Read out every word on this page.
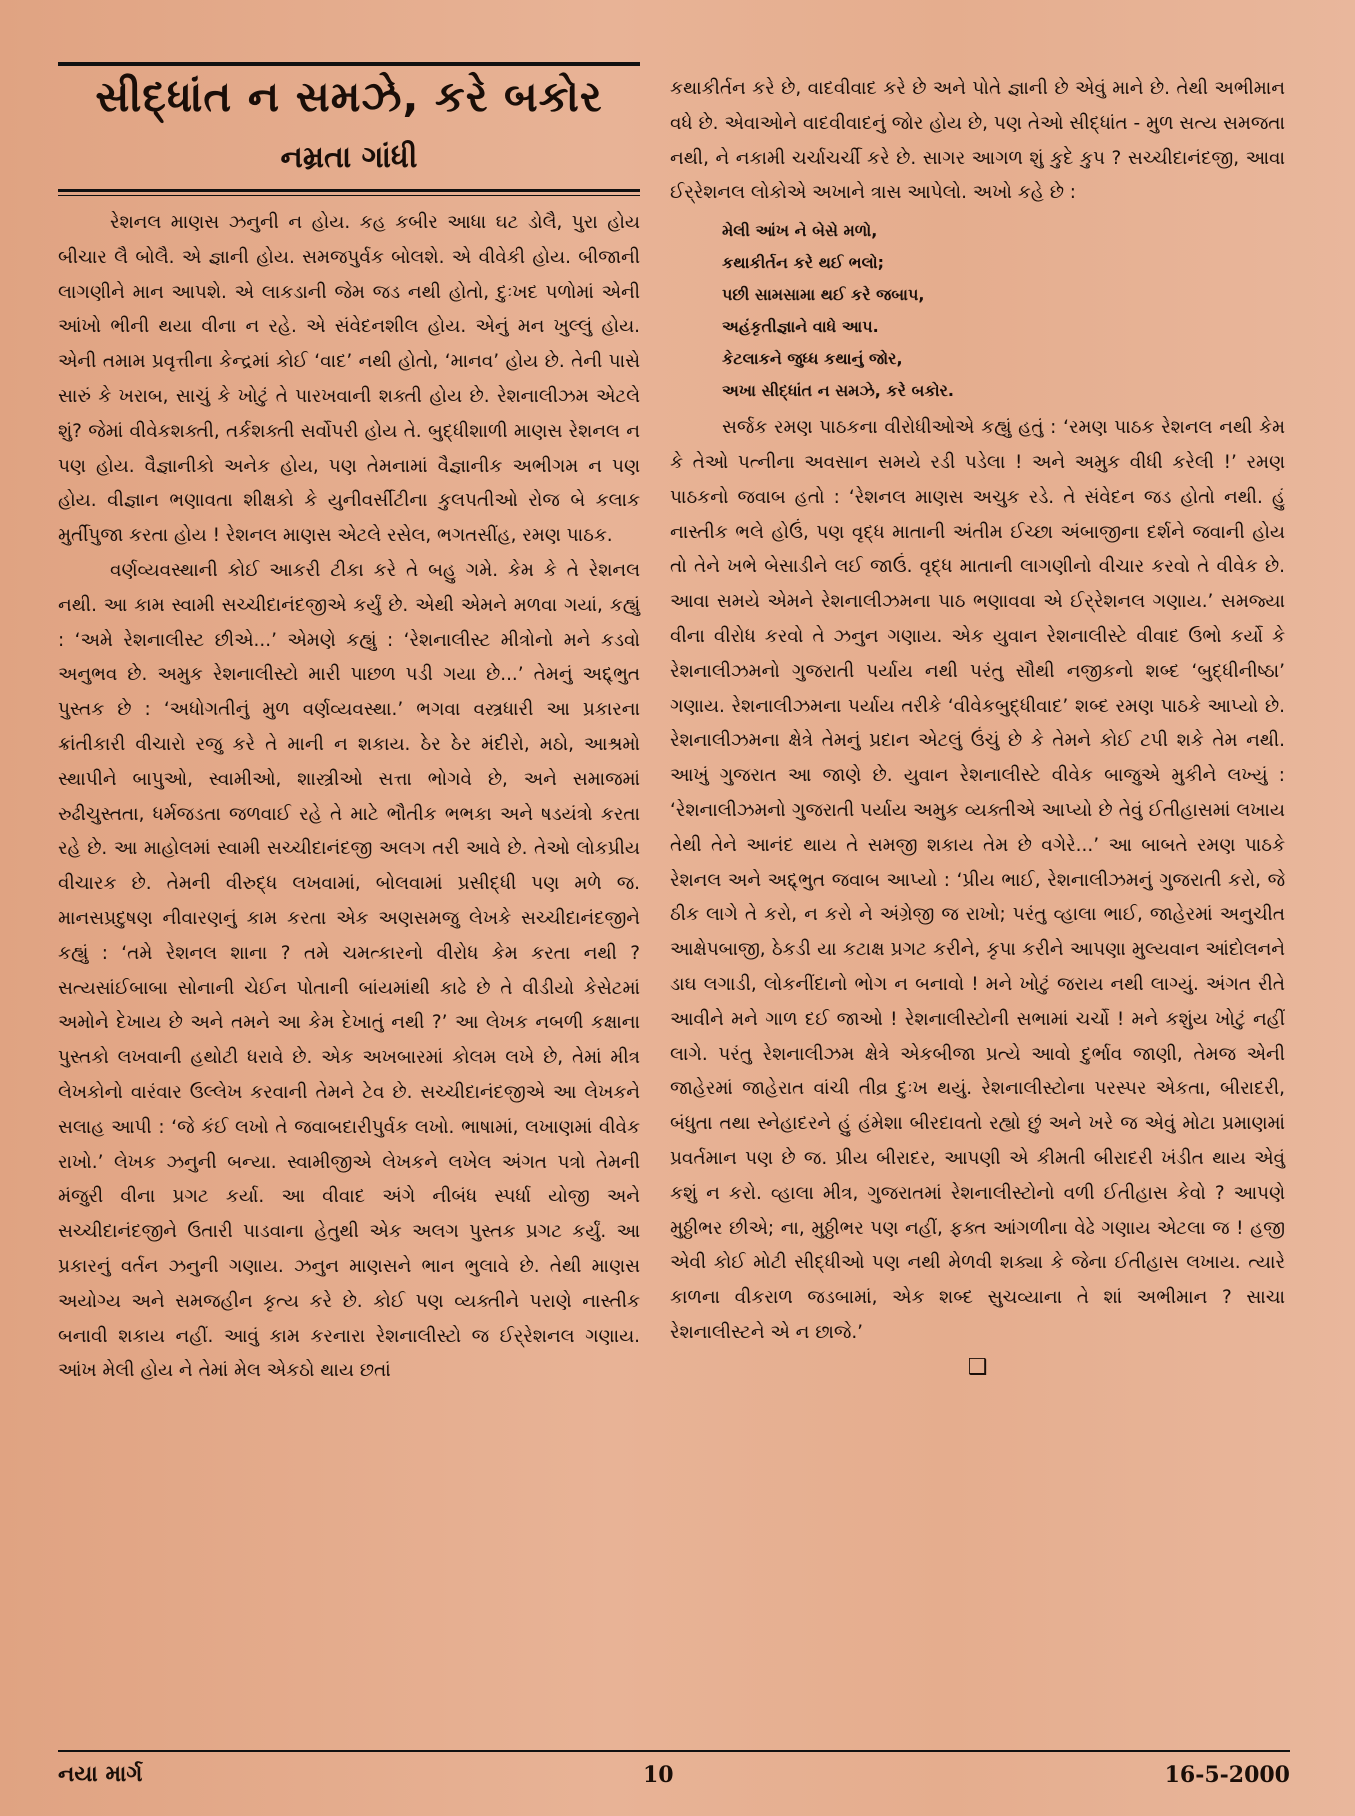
સીદ્ધાંત ન સમઝે, કરે બકોર
નમ્રતા ગાંધી

રેશનલ માણસ ઝનુની ન હોય. કહ કબીર આધા ઘટ ડોલૈ, પુરા હોય બીચાર લૈ બોલૈ. એ જ્ઞાની હોય. સમજપુર્વક બોલશે. એ વીવેકી હોય. બીજાની લાગણીને માન આપશે. એ લાકડાની જેમ જડ નથી હોતો, દુઃખદ પળોમાં એની આંખો ભીની થયા વીના ન રહે. એ સંવેદનશીલ હોય. એનું મન ખુલ્લું હોય. એની તમામ પ્રવૃત્તીના કેન્દ્રમાં કોઈ ‘વાદ’ નથી હોતો, ‘માનવ’ હોય છે. તેની પાસે સારું કે ખરાબ, સાચું કે ખોટું તે પારખવાની શક્તી હોય છે. રેશનાલીઝમ એટલે શું? જેમાં વીવેકશક્તી, તર્કશક્તી સર્વોપરી હોય તે. બુદ્ધીશાળી માણસ રેશનલ ન પણ હોય. વૈજ્ઞાનીકો અનેક હોય, પણ તેમનામાં વૈજ્ઞાનીક અભીગમ ન પણ હોય. વીજ્ઞાન ભણાવતા શીક્ષકો કે યુનીવર્સીટીના કુલપતીઓ રોજ બે કલાક મુર્તીપુજા કરતા હોય ! રેશનલ માણસ એટલે રસેલ, ભગતસીંહ, રમણ પાઠક.

વર્ણવ્યવસ્થાની કોઈ આકરી ટીકા કરે તે બહુ ગમે. કેમ કે તે રેશનલ નથી. આ કામ સ્વામી સચ્ચીદાનંદજીએ કર્યું છે. એથી એમને મળવા ગયાં, કહ્યું : ‘અમે રેશનાલીસ્ટ છીએ...’ એમણે કહ્યું : ‘રેશનાલીસ્ટ મીત્રોનો મને કડવો અનુભવ છે. અમુક રેશનાલીસ્ટો મારી પાછળ પડી ગયા છે...’ તેમનું અદ્દ્ભુત પુસ્તક છે : ‘અધોગતીનું મુળ વર્ણવ્યવસ્થા.’ ભગવા વસ્ત્રધારી આ પ્રકારના ક્રાંતીકારી વીચારો રજુ કરે તે માની ન શકાય. ઠેર ઠેર મંદીરો, મઠો, આશ્રમો સ્થાપીને બાપુઓ, સ્વામીઓ, શાસ્ત્રીઓ સત્તા ભોગવે છે, અને સમાજમાં રુઢીચુસ્તતા, ધર્મજડતા જળવાઈ રહે તે માટે ભૌતીક ભભકા અને ષડયંત્રો કરતા રહે છે. આ માહોલમાં સ્વામી સચ્ચીદાનંદજી અલગ તરી આવે છે. તેઓ લોકપ્રીય વીચારક છે. તેમની વીરુદ્ધ લખવામાં, બોલવામાં પ્રસીદ્ધી પણ મળે જ. માનસપ્રદુષણ નીવારણનું કામ કરતા એક અણસમજુ લેખકે સચ્ચીદાનંદજીને કહ્યું : ‘તમે રેશનલ શાના ? તમે ચમત્કારનો વીરોધ કેમ કરતા નથી ? સત્યસાંઈબાબા સોનાની ચેઈન પોતાની બાંયમાંથી કાઢે છે તે વીડીયો કેસેટમાં અમોને દેખાય છે અને તમને આ કેમ દેખાતું નથી ?’ આ લેખક નબળી કક્ષાના પુસ્તકો લખવાની હથોટી ધરાવે છે. એક અખબારમાં કોલમ લખે છે, તેમાં મીત્ર લેખકોનો વારંવાર ઉલ્લેખ કરવાની તેમને ટેવ છે. સચ્ચીદાનંદજીએ આ લેખકને સલાહ આપી : ‘જે કંઈ લખો તે જવાબદારીપુર્વક લખો. ભાષામાં, લખાણમાં વીવેક રાખો.’ લેખક ઝનુની બન્યા. સ્વામીજીએ લેખકને લખેલ અંગત પત્રો તેમની મંજુરી વીના પ્રગટ કર્યા. આ વીવાદ અંગે નીબંધ સ્પર્ધા યોજી અને સચ્ચીદાનંદજીને ઉતારી પાડવાના હેતુથી એક અલગ પુસ્તક પ્રગટ કર્યું. આ પ્રકારનું વર્તન ઝનુની ગણાય. ઝનુન માણસને ભાન ભુલાવે છે. તેથી માણસ અયોગ્ય અને સમજહીન કૃત્ય કરે છે. કોઈ પણ વ્યક્તીને પરાણે નાસ્તીક બનાવી શકાય નહીં. આવું કામ કરનારા રેશનાલીસ્ટો જ ઈર્‌રેશનલ ગણાય. આંખ મેલી હોય ને તેમાં મેલ એકઠો થાય છતાં

કથાકીર્તન કરે છે, વાદવીવાદ કરે છે અને પોતે જ્ઞાની છે એવું માને છે. તેથી અભીમાન વધે છે. એવાઓને વાદવીવાદનું જોર હોય છે, પણ તેઓ સીદ્ધાંત - મુળ સત્ય સમજતા નથી, ને નકામી ચર્ચાચર્ચી કરે છે. સાગર આગળ શું કુદે કુપ ? સચ્ચીદાનંદજી, આવા ઈર્‌રેશનલ લોકોએ અખાને ત્રાસ આપેલો. અખો કહે છે :

મેલી આંખ ને બેસે મળો,
કથાકીર્તન કરે થઈ ભલો;
પછી સામસામા થઈ કરે જબાપ,
અહંકૃતીજ્ઞાને વાધે આપ.
કેટલાકને જુધ્ધ કથાનું જોર,
અખા સીદ્ધાંત ન સમઝે, કરે બકોર.

સર્જક રમણ પાઠકના વીરોધીઓએ કહ્યું હતું : ‘રમણ પાઠક રેશનલ નથી કેમ કે તેઓ પત્નીના અવસાન સમયે રડી પડેલા ! અને અમુક વીધી કરેલી !’ રમણ પાઠકનો જવાબ હતો : ‘રેશનલ માણસ અચુક રડે. તે સંવેદન જડ હોતો નથી. હું નાસ્તીક ભલે હોઉં, પણ વૃદ્ધ માતાની અંતીમ ઈચ્છા અંબાજીના દર્શને જવાની હોય તો તેને ખભે બેસાડીને લઈ જાઉં. વૃદ્ધ માતાની લાગણીનો વીચાર કરવો તે વીવેક છે. આવા સમયે એમને રેશનાલીઝમના પાઠ ભણાવવા એ ઈર્‌રેશનલ ગણાય.’ સમજ્યા વીના વીરોધ કરવો તે ઝનુન ગણાય. એક યુવાન રેશનાલીસ્ટે વીવાદ ઉભો કર્યો કે રેશનાલીઝમનો ગુજરાતી પર્યાય નથી પરંતુ સૌથી નજીકનો શબ્દ ‘બુદ્ધીનીષ્ઠા’ ગણાય. રેશનાલીઝમના પર્યાય તરીકે ‘વીવેકબુદ્ધીવાદ’ શબ્દ રમણ પાઠકે આપ્યો છે. રેશનાલીઝમના ક્ષેત્રે તેમનું પ્રદાન એટલું ઉંચું છે કે તેમને કોઈ ટપી શકે તેમ નથી. આખું ગુજરાત આ જાણે છે. યુવાન રેશનાલીસ્ટે વીવેક બાજુએ મુકીને લખ્યું : ‘રેશનાલીઝમનો ગુજરાતી પર્યાય અમુક વ્યક્તીએ આપ્યો છે તેવું ઈતીહાસમાં લખાય તેથી તેને આનંદ થાય તે સમજી શકાય તેમ છે વગેરે...’ આ બાબતે રમણ પાઠકે રેશનલ અને અદ્દ્ભુત જવાબ આપ્યો : ‘પ્રીય ભાઈ, રેશનાલીઝમનું ગુજરાતી કરો, જે ઠીક લાગે તે કરો, ન કરો ને અંગ્રેજી જ રાખો; પરંતુ વ્હાલા ભાઈ, જાહેરમાં અનુચીત આક્ષેપબાજી, ઠેકડી યા કટાક્ષ પ્રગટ કરીને, કૃપા કરીને આપણા મુલ્યવાન આંદોલનને ડાઘ લગાડી, લોકનીંદાનો ભોગ ન બનાવો ! મને ખોટું જરાય નથી લાગ્યું. અંગત રીતે આવીને મને ગાળ દઈ જાઓ ! રેશનાલીસ્ટોની સભામાં ચર્ચો ! મને કશુંય ખોટું નહીં લાગે. પરંતુ રેશનાલીઝમ ક્ષેત્રે એકબીજા પ્રત્યે આવો દુર્ભાવ જાણી, તેમજ એની જાહેરમાં જાહેરાત વાંચી તીવ્ર દુઃખ થયું. રેશનાલીસ્ટોના પરસ્પર એકતા, બીરાદરી, બંધુતા તથા સ્નેહાદરને હું હંમેશા બીરદાવતો રહ્યો છું અને ખરે જ એવું મોટા પ્રમાણમાં પ્રવર્તમાન પણ છે જ. પ્રીય બીરાદર, આપણી એ કીમતી બીરાદરી ખંડીત થાય એવું કશું ન કરો. વ્હાલા મીત્ર, ગુજરાતમાં રેશનાલીસ્ટોનો વળી ઈતીહાસ કેવો ? આપણે મુઠ્ઠીભર છીએ; ના, મુઠ્ઠીભર પણ નહીં, ફક્ત આંગળીના વેઢે ગણાય એટલા જ ! હજી એવી કોઈ મોટી સીદ્ધીઓ પણ નથી મેળવી શક્યા કે જેના ઈતીહાસ લખાય. ત્યારે કાળના વીકરાળ જડબામાં, એક શબ્દ સુચવ્યાના તે શાં અભીમાન ? સાચા રેશનાલીસ્ટને એ ન છાજે.’

❑
નયા માર્ગ	10	16-5-2000
